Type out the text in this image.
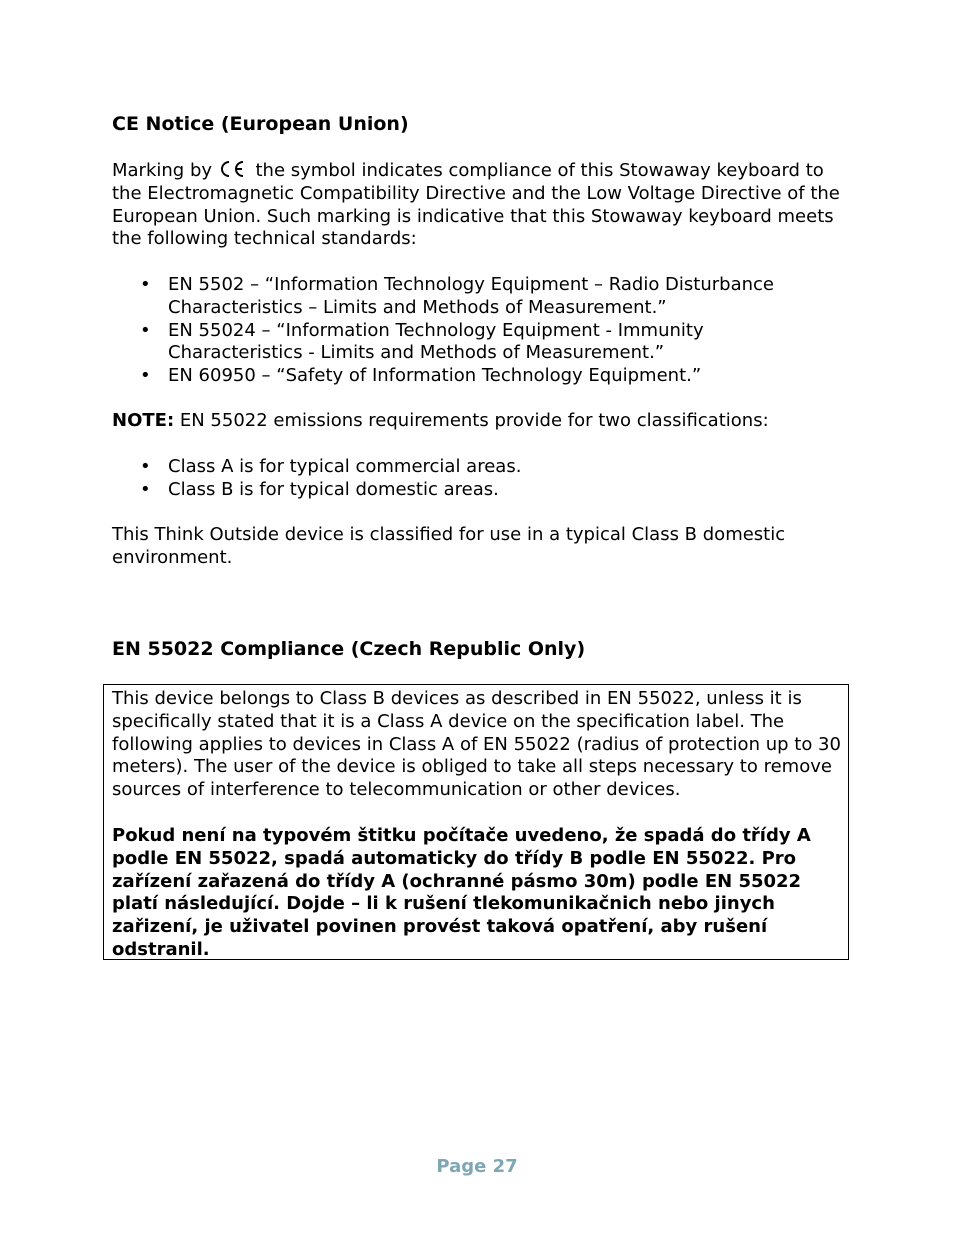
CE Notice (European Union)

Marking by the symbol indicates compliance of this Stowaway keyboard to the Electromagnetic Compatibility Directive and the Low Voltage Directive of the European Union. Such marking is indicative that this Stowaway keyboard meets the following technical standards:

• EN 5502 – “Information Technology Equipment – Radio Disturbance Characteristics – Limits and Methods of Measurement.”
• EN 55024 – “Information Technology Equipment - Immunity Characteristics - Limits and Methods of Measurement.”
• EN 60950 – “Safety of Information Technology Equipment.”

NOTE: EN 55022 emissions requirements provide for two classifications:

• Class A is for typical commercial areas.
• Class B is for typical domestic areas.

This Think Outside device is classified for use in a typical Class B domestic environment.

EN 55022 Compliance (Czech Republic Only)

This device belongs to Class B devices as described in EN 55022, unless it is specifically stated that it is a Class A device on the specification label. The following applies to devices in Class A of EN 55022 (radius of protection up to 30 meters). The user of the device is obliged to take all steps necessary to remove sources of interference to telecommunication or other devices.

Pokud není na typovém štitku počítače uvedeno, že spadá do třídy A podle EN 55022, spadá automaticky do třídy B podle EN 55022. Pro zařízení zařazená do třídy A (ochranné pásmo 30m) podle EN 55022 platí následující. Dojde – li k rušení tlekomunikačnich nebo jinych zařizení, je uživatel povinen provést taková opatření, aby rušení odstranil.

Page 27
